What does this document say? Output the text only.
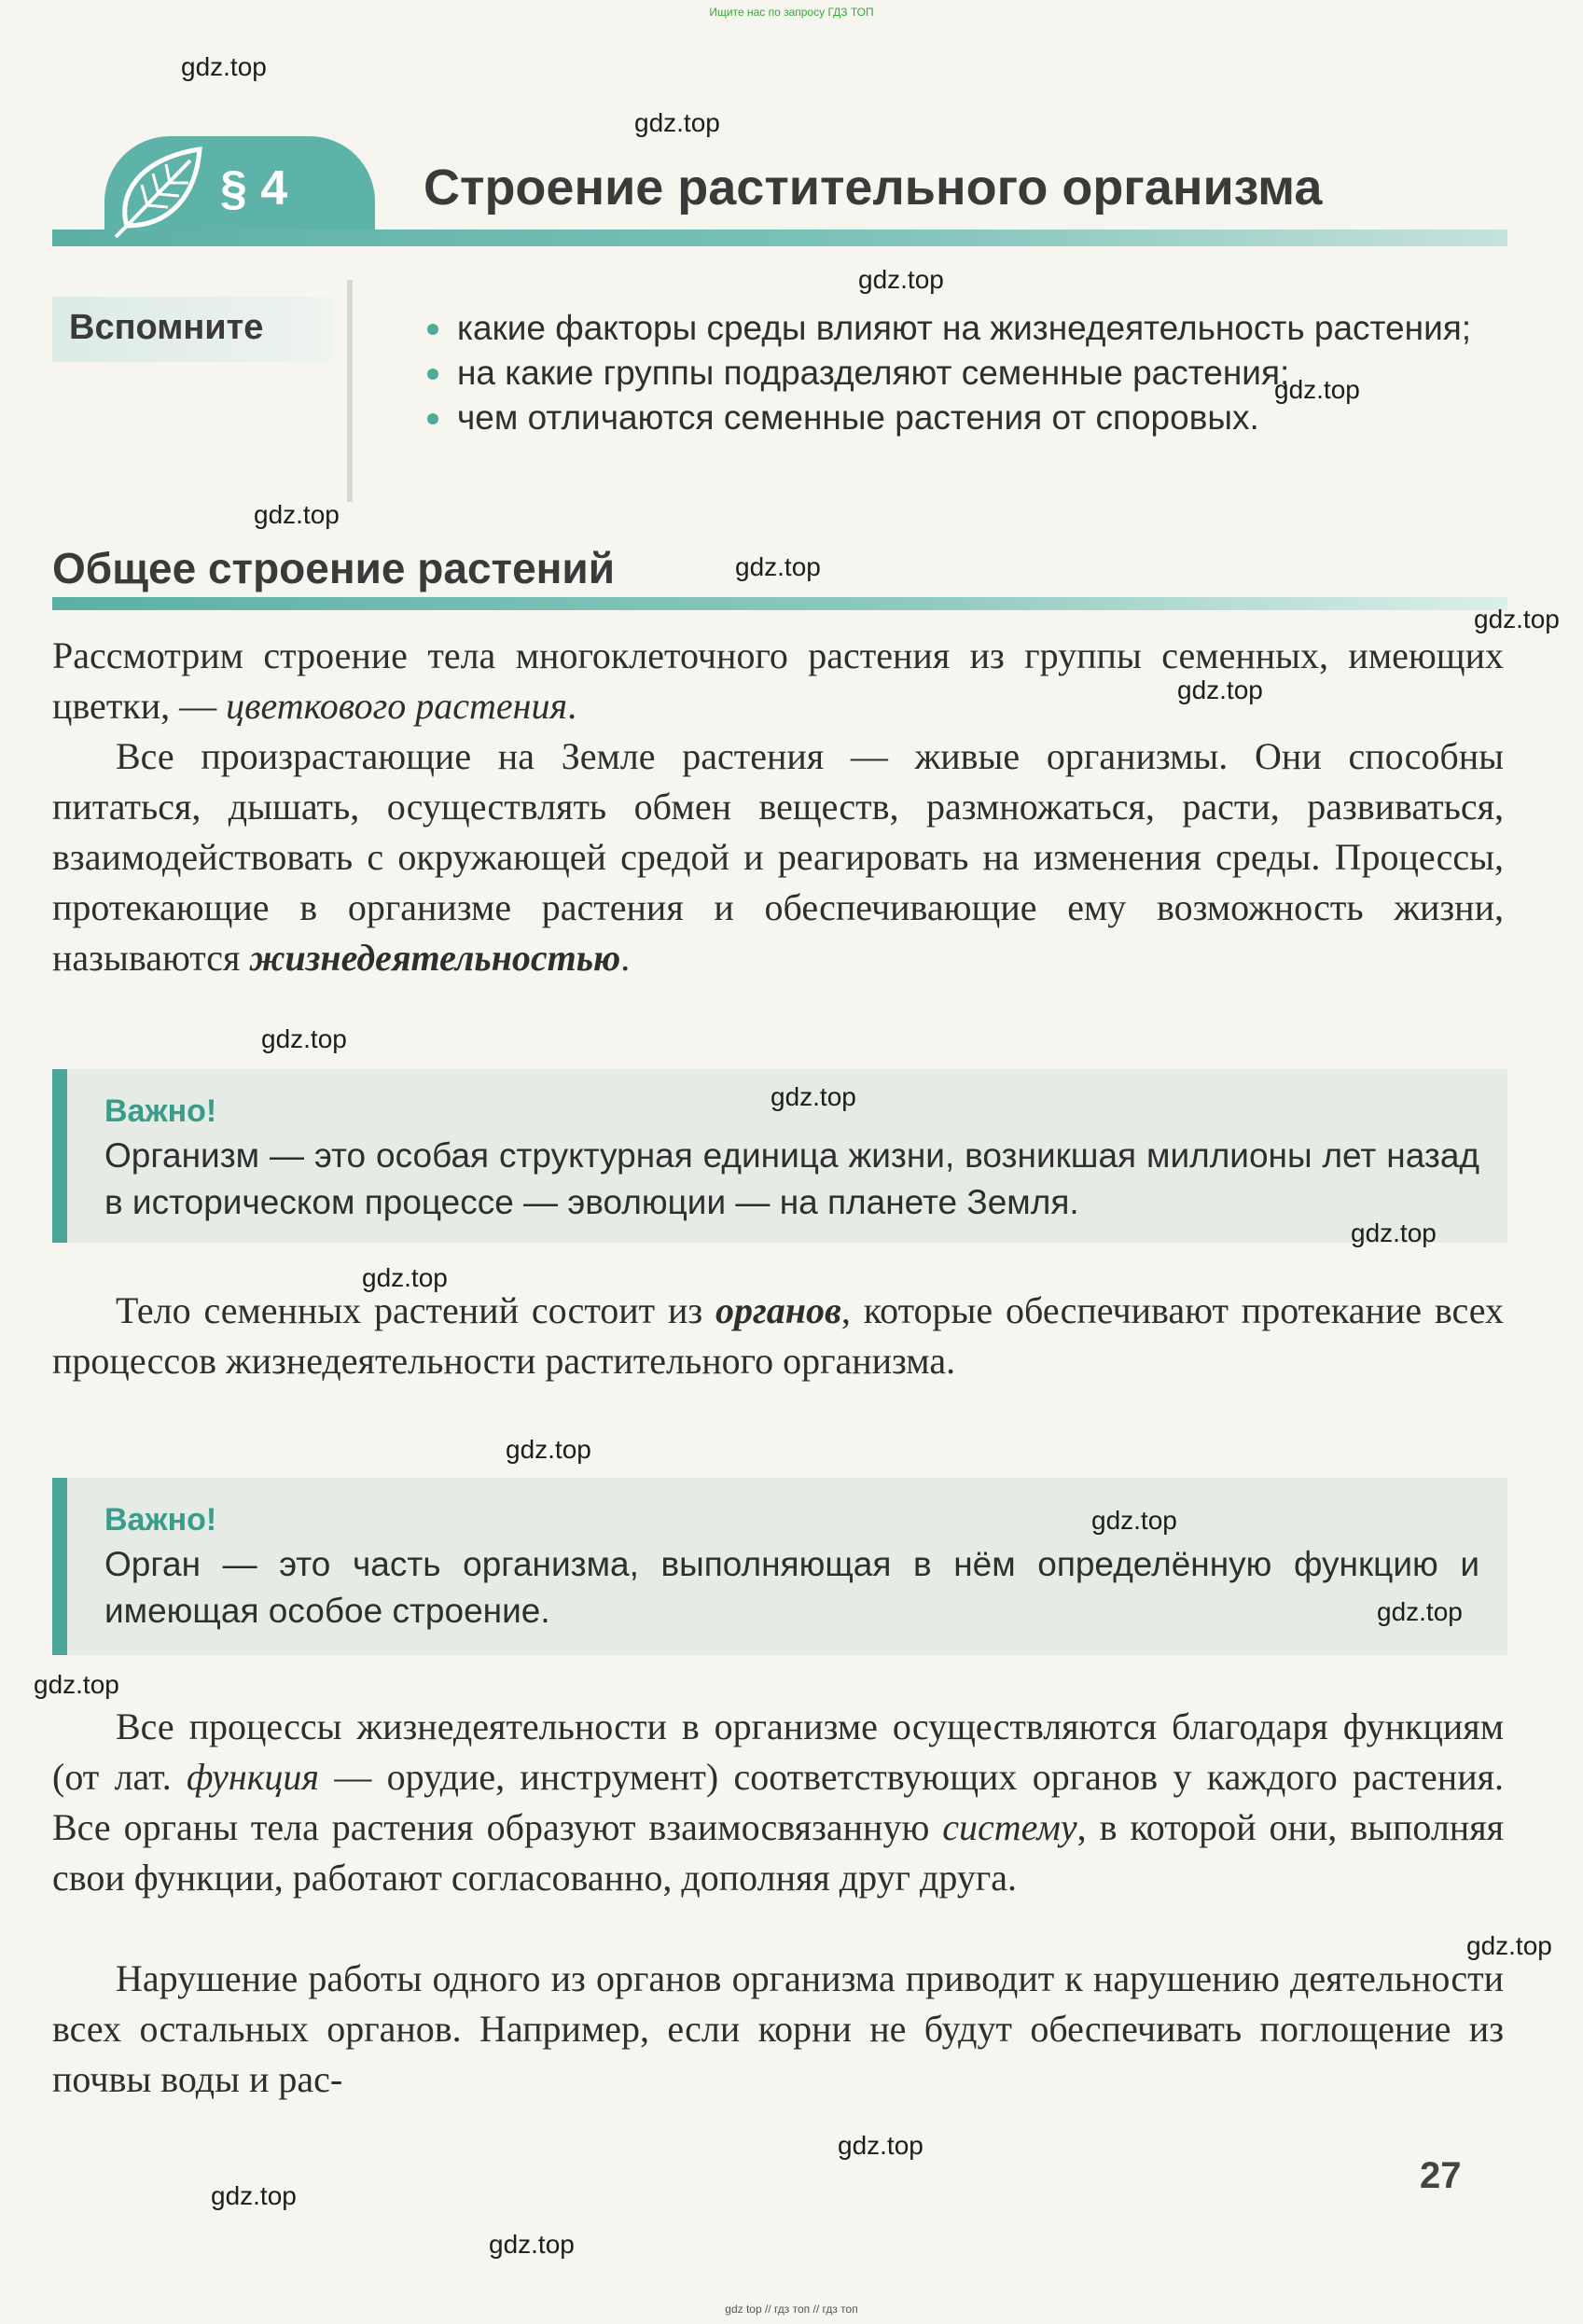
Ищите нас по запросу ГДЗ ТОП
§ 4	Строение растительного организма
Вспомните	какие факторы среды влияют на жизнедеятельность растения;
на какие группы подразделяют семенные растения;
чем отличаются семенные растения от споровых.
Общее строение растений
Рассмотрим строение тела многоклеточного растения из группы семенных, имеющих цветки, — цветкового растения.
Все произрастающие на Земле растения — живые организмы. Они способны питаться, дышать, осуществлять обмен веществ, размножаться, расти, развиваться, взаимодействовать с окружающей средой и реагировать на изменения среды. Процессы, протекающие в организме растения и обеспечивающие ему возможность жизни, называются жизнедеятельностью.
Важно!
Организм — это особая структурная единица жизни, возникшая миллионы лет назад в историческом процессе — эволюции — на планете Земля.
Тело семенных растений состоит из органов, которые обеспечивают протекание всех процессов жизнедеятельности растительного организма.
Важно!
Орган — это часть организма, выполняющая в нём определённую функцию и имеющая особое строение.
Все процессы жизнедеятельности в организме осуществляются благодаря функциям (от лат. функция — орудие, инструмент) соответствующих органов у каждого растения. Все органы тела растения образуют взаимосвязанную систему, в которой они, выполняя свои функции, работают согласованно, дополняя друг друга.
Нарушение работы одного из органов организма приводит к нарушению деятельности всех остальных органов. Например, если корни не будут обеспечивать поглощение из почвы воды и рас-
27
gdz.top
gdz.top
gdz.top
gdz.top
gdz.top
gdz.top
gdz.top
gdz.top
gdz.top
gdz.top
gdz.top
gdz.top
gdz.top
gdz.top
gdz.top
gdz.top
gdz.top
gdz.top
gdz.top
gdz.top
gdz top // гдз топ // гдз топ
